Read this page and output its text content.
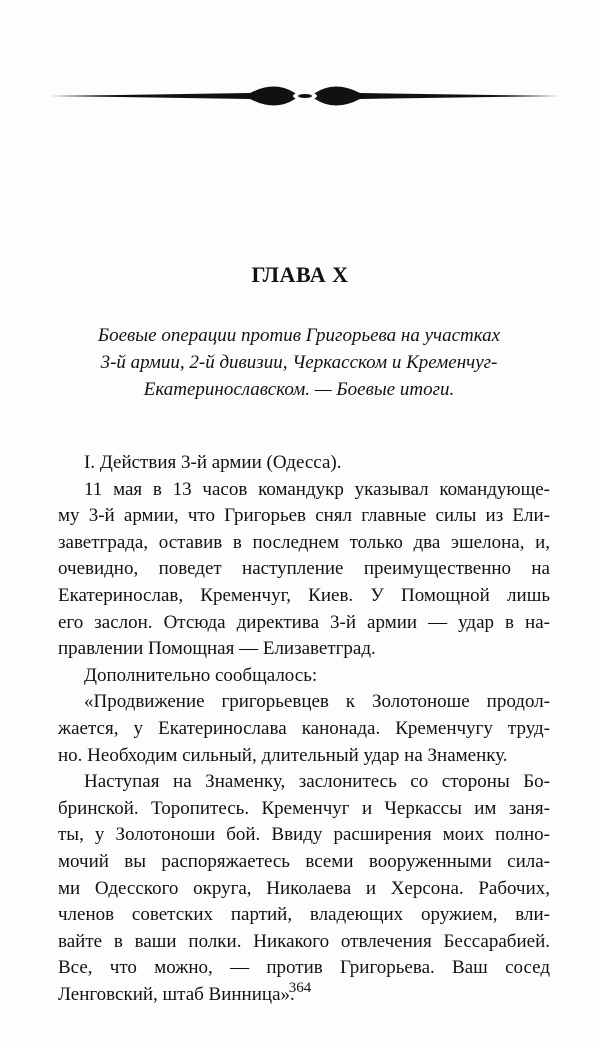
ГЛАВА X
Боевые операции против Григорьева на участках
3-й армии, 2-й дивизии, Черкасском и Кременчуг-
Екатеринославском. — Боевые итоги.
I. Действия 3-й армии (Одесса).
11 мая в 13 часов командукр указывал командующе-
му 3-й армии, что Григорьев снял главные силы из Ели-
заветграда, оставив в последнем только два эшелона, и,
очевидно, поведет наступление преимущественно на
Екатеринослав, Кременчуг, Киев. У Помощной лишь
его заслон. Отсюда директива 3-й армии — удар в на-
правлении Помощная — Елизаветград.
Дополнительно сообщалось:
«Продвижение григорьевцев к Золотоноше продол-
жается, у Екатеринослава канонада. Кременчугу труд-
но. Необходим сильный, длительный удар на Знаменку.
Наступая на Знаменку, заслонитесь со стороны Бо-
бринской. Торопитесь. Кременчуг и Черкассы им заня-
ты, у Золотоноши бой. Ввиду расширения моих полно-
мочий вы распоряжаетесь всеми вооруженными сила-
ми Одесского округа, Николаева и Херсона. Рабочих,
членов советских партий, владеющих оружием, вли-
вайте в ваши полки. Никакого отвлечения Бессарабией.
Все, что можно, — против Григорьева. Ваш сосед
Ленговский, штаб Винница».
364
